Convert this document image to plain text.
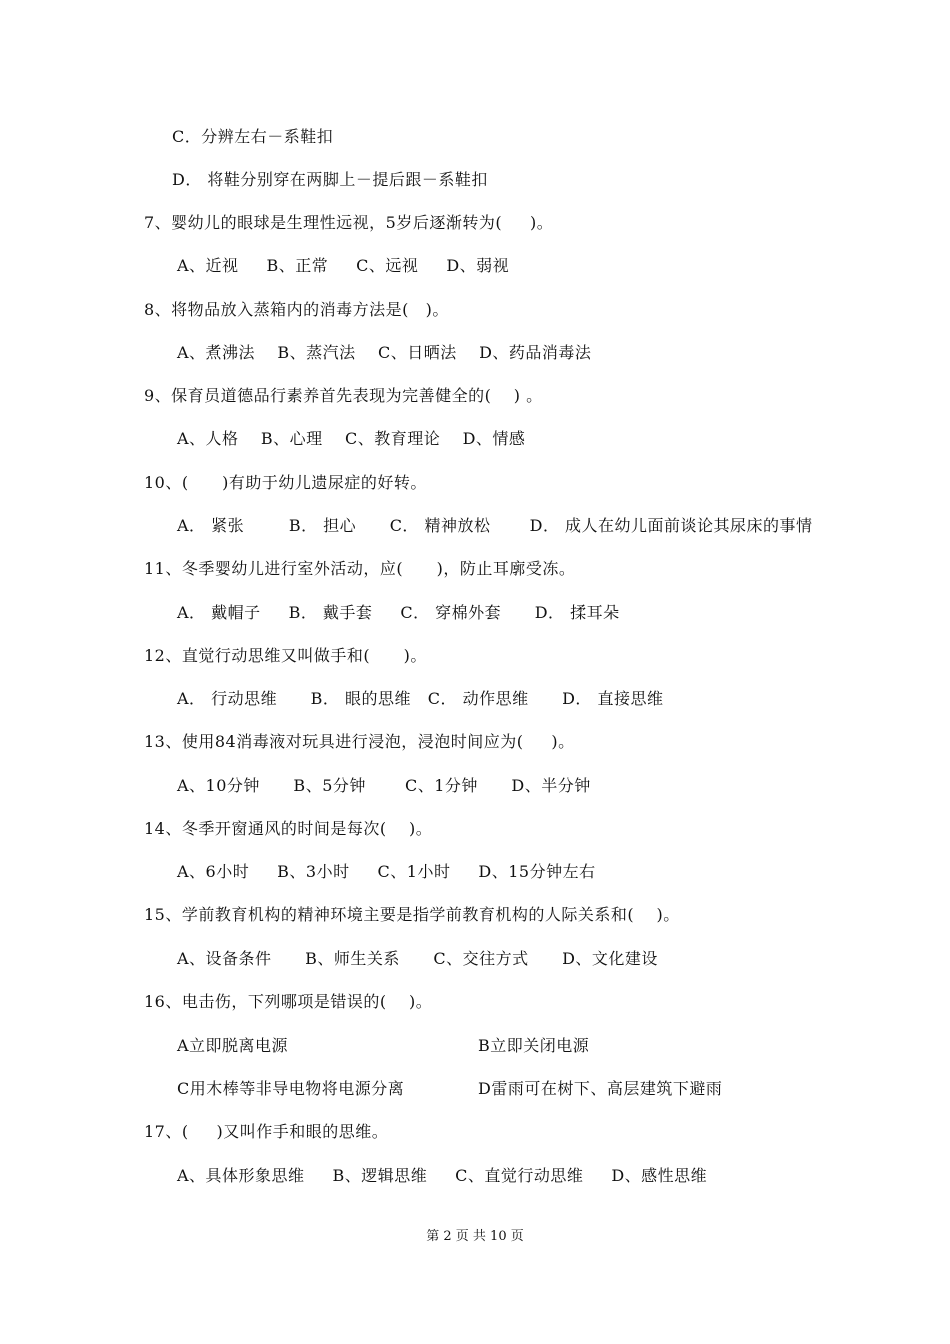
C．分辨左右－系鞋扣
D． 将鞋分别穿在两脚上－提后跟－系鞋扣
7、婴幼儿的眼球是生理性远视，5岁后逐渐转为(     )。
A、近视     B、正常     C、远视     D、弱视
8、将物品放入蒸箱内的消毒方法是(   )。
A、煮沸法    B、蒸汽法    C、日晒法    D、药品消毒法
9、保育员道德品行素养首先表现为完善健全的(    ) 。
A、人格    B、心理    C、教育理论    D、情感
10、(      )有助于幼儿遗尿症的好转。
A． 紧张        B． 担心      C． 精神放松       D． 成人在幼儿面前谈论其尿床的事情
11、冬季婴幼儿进行室外活动，应(      )，防止耳廓受冻。
A． 戴帽子     B． 戴手套     C． 穿棉外套      D． 揉耳朵
12、直觉行动思维又叫做手和(      )。
A． 行动思维      B． 眼的思维   C． 动作思维      D． 直接思维
13、使用84消毒液对玩具进行浸泡，浸泡时间应为(     )。
A、10分钟      B、5分钟       C、1分钟      D、半分钟
14、冬季开窗通风的时间是每次(    )。
A、6小时     B、3小时     C、1小时     D、15分钟左右
15、学前教育机构的精神环境主要是指学前教育机构的人际关系和(    )。
A、设备条件      B、师生关系      C、交往方式      D、文化建设
16、电击伤，下列哪项是错误的(    )。
A立即脱离电源	B立即关闭电源
C用木棒等非导电物将电源分离	D雷雨可在树下、高层建筑下避雨
17、(     )又叫作手和眼的思维。
A、具体形象思维     B、逻辑思维     C、直觉行动思维     D、感性思维
第 2 页 共 10 页
